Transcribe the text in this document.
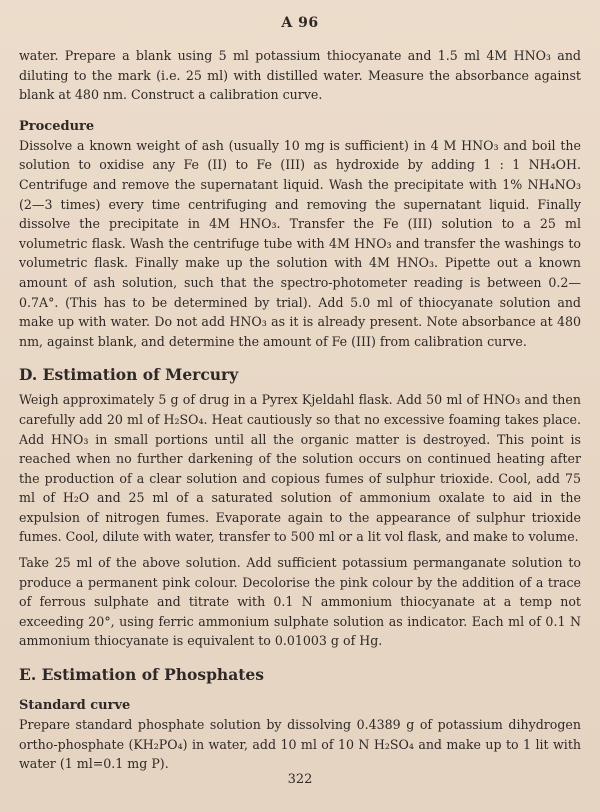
A 96

water. Prepare a blank using 5 ml potassium thiocyanate and 1.5 ml 4M HNO₃ and diluting to the mark (i.e. 25 ml) with distilled water. Measure the absorbance against blank at 480 nm. Construct a calibration curve.

Procedure

Dissolve a known weight of ash (usually 10 mg is sufficient) in 4 M HNO₃ and boil the solution to oxidise any Fe (II) to Fe (III) as hydroxide by adding 1 : 1 NH₄OH. Centrifuge and remove the supernatant liquid. Wash the precipitate with 1% NH₄NO₃ (2—3 times) every time centrifuging and removing the supernatant liquid. Finally dissolve the precipitate in 4M HNO₃. Transfer the Fe (III) solution to a 25 ml volumetric flask. Wash the centrifuge tube with 4M HNO₃ and transfer the washings to volumetric flask. Finally make up the solution with 4M HNO₃. Pipette out a known amount of ash solution, such that the spectro-photometer reading is between 0.2—0.7A°. (This has to be determined by trial). Add 5.0 ml of thiocyanate solution and make up with water. Do not add HNO₃ as it is already present. Note absorbance at 480 nm, against blank, and determine the amount of Fe (III) from calibration curve.

D. Estimation of Mercury

Weigh approximately 5 g of drug in a Pyrex Kjeldahl flask. Add 50 ml of HNO₃ and then carefully add 20 ml of H₂SO₄. Heat cautiously so that no excessive foaming takes place. Add HNO₃ in small portions until all the organic matter is destroyed. This point is reached when no further darkening of the solution occurs on continued heating after the production of a clear solution and copious fumes of sulphur trioxide. Cool, add 75 ml of H₂O and 25 ml of a saturated solution of ammonium oxalate to aid in the expulsion of nitrogen fumes. Evaporate again to the appearance of sulphur trioxide fumes. Cool, dilute with water, transfer to 500 ml or a lit vol flask, and make to volume.

Take 25 ml of the above solution. Add sufficient potassium permanganate solution to produce a permanent pink colour. Decolorise the pink colour by the addition of a trace of ferrous sulphate and titrate with 0.1 N ammonium thiocyanate at a temp not exceeding 20°, using ferric ammonium sulphate solution as indicator. Each ml of 0.1 N ammonium thiocyanate is equivalent to 0.01003 g of Hg.

E. Estimation of Phosphates
Standard curve

Prepare standard phosphate solution by dissolving 0.4389 g of potassium dihydrogen ortho-phosphate (KH₂PO₄) in water, add 10 ml of 10 N H₂SO₄ and make up to 1 lit with water (1 ml=0.1 mg P).

322
